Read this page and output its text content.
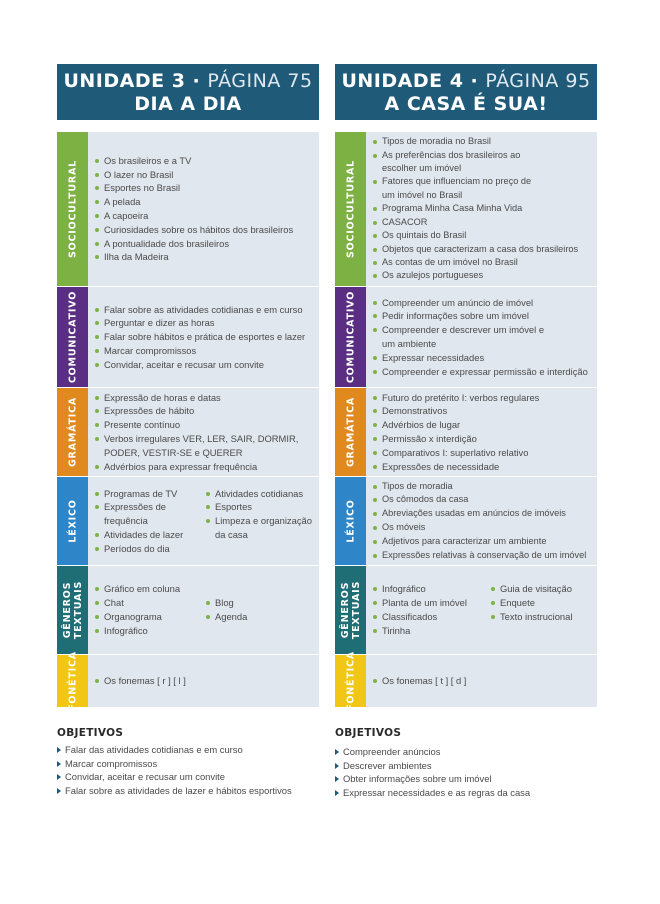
UNIDADE 3 · PÁGINA 75
DIA A DIA
SOCIOCULTURAL	Os brasileiros e a TV
O lazer no Brasil
Esportes no Brasil
A pelada
A capoeira
Curiosidades sobre os hábitos dos brasileiros
A pontualidade dos brasileiros
Ilha da Madeira
COMUNICATIVO	Falar sobre as atividades cotidianas e em curso
Perguntar e dizer as horas
Falar sobre hábitos e prática de esportes e lazer
Marcar compromissos
Convidar, aceitar e recusar um convite
GRAMÁTICA	Expressão de horas e datas
Expressões de hábito
Presente contínuo
Verbos irregulares VER, LER, SAIR, DORMIR, PODER, VESTIR-SE e QUERER
Advérbios para expressar frequência
LÉXICO
Programas de TV
Expressões de frequência
Atividades de lazer
Períodos do dia
Atividades cotidianas
Esportes
Limpeza e organização da casa
GÊNEROS
TEXTUAIS	Gráfico em coluna
Chat
Organograma
Infográfico
Blog
Agenda
FONÉTICA	Os fonemas [ r ] [ l ]
UNIDADE 4 · PÁGINA 95
A CASA É SUA!
SOCIOCULTURAL
Tipos de moradia no Brasil
As preferências dos brasileiros ao escolher um imóvel
Fatores que influenciam no preço de um imóvel no Brasil
Programa Minha Casa Minha Vida
CASACOR
Os quintais do Brasil
Objetos que caracterizam a casa dos brasileiros
As contas de um imóvel no Brasil
Os azulejos portugueses
COMUNICATIVO	Compreender um anúncio de imóvel
Pedir informações sobre um imóvel
Compreender e descrever um imóvel e um ambiente
Expressar necessidades
Compreender e expressar permissão e interdição
GRAMÁTICA	Futuro do pretérito I: verbos regulares
Demonstrativos
Advérbios de lugar
Permissão x interdição
Comparativos I: superlativo relativo
Expressões de necessidade
LÉXICO
Tipos de moradia
Os cômodos da casa
Abreviações usadas em anúncios de imóveis
Os móveis
Adjetivos para caracterizar um ambiente
Expressões relativas à conservação de um imóvel
GÊNEROS
TEXTUAIS	Infográfico
Planta de um imóvel
Classificados
Tirinha
Guia de visitação
Enquete
Texto instrucional
FONÉTICA	Os fonemas [ t ] [ d ]
OBJETIVOS
Falar das atividades cotidianas e em curso
Marcar compromissos
Convidar, aceitar e recusar um convite
Falar sobre as atividades de lazer e hábitos esportivos
OBJETIVOS
Compreender anúncios
Descrever ambientes
Obter informações sobre um imóvel
Expressar necessidades e as regras da casa
